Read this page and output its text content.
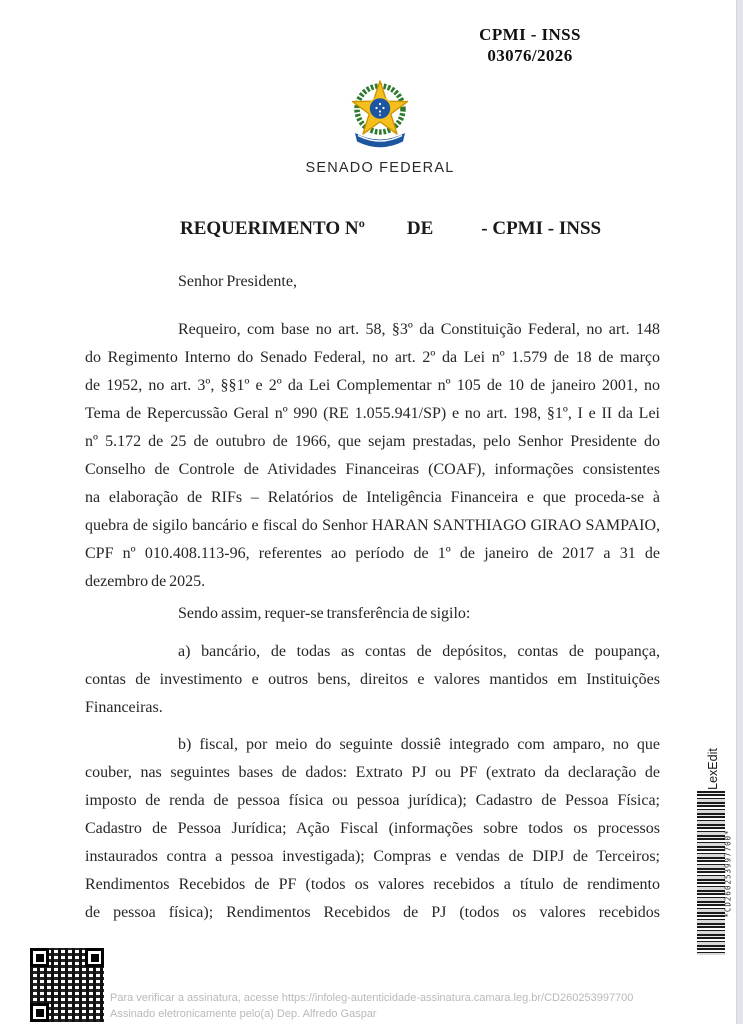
CPMI - INSS
03076/2026
SENADO FEDERAL
REQUERIMENTO Nº DE	- CPMI - INSS
Senhor Presidente,
Requeiro, com base no art. 58, §3º da Constituição Federal, no art. 148
do Regimento Interno do Senado Federal, no art. 2º da Lei nº 1.579 de 18 de março
de 1952, no art. 3º, §§1º e 2º da Lei Complementar nº 105 de 10 de janeiro 2001, no
Tema de Repercussão Geral nº 990 (RE 1.055.941/SP) e no art. 198, §1º, I e II da Lei
nº 5.172 de 25 de outubro de 1966, que sejam prestadas, pelo Senhor Presidente do
Conselho de Controle de Atividades Financeiras (COAF), informações consistentes
na elaboração de RIFs – Relatórios de Inteligência Financeira e que proceda-se à
quebra de sigilo bancário e fiscal do Senhor HARAN SANTHIAGO GIRAO SAMPAIO,
CPF nº 010.408.113-96, referentes ao período de 1º de janeiro de 2017 a 31 de
dezembro de 2025.
Sendo assim, requer-se transferência de sigilo:
a) bancário, de todas as contas de depósitos, contas de poupança,
contas de investimento e outros bens, direitos e valores mantidos em Instituições
Financeiras.
b) fiscal, por meio do seguinte dossiê integrado com amparo, no que
couber, nas seguintes bases de dados: Extrato PJ ou PF (extrato da declaração de
imposto de renda de pessoa física ou pessoa jurídica); Cadastro de Pessoa Física;
Cadastro de Pessoa Jurídica; Ação Fiscal (informações sobre todos os processos
instaurados contra a pessoa investigada); Compras e vendas de DIPJ de Terceiros;
Rendimentos Recebidos de PF (todos os valores recebidos a título de rendimento
de pessoa física); Rendimentos Recebidos de PJ (todos os valores recebidos
LexEdit
*CD260253997700*
Para verificar a assinatura, acesse https://infoleg-autenticidade-assinatura.camara.leg.br/CD260253997700
Assinado eletronicamente pelo(a) Dep. Alfredo Gaspar
